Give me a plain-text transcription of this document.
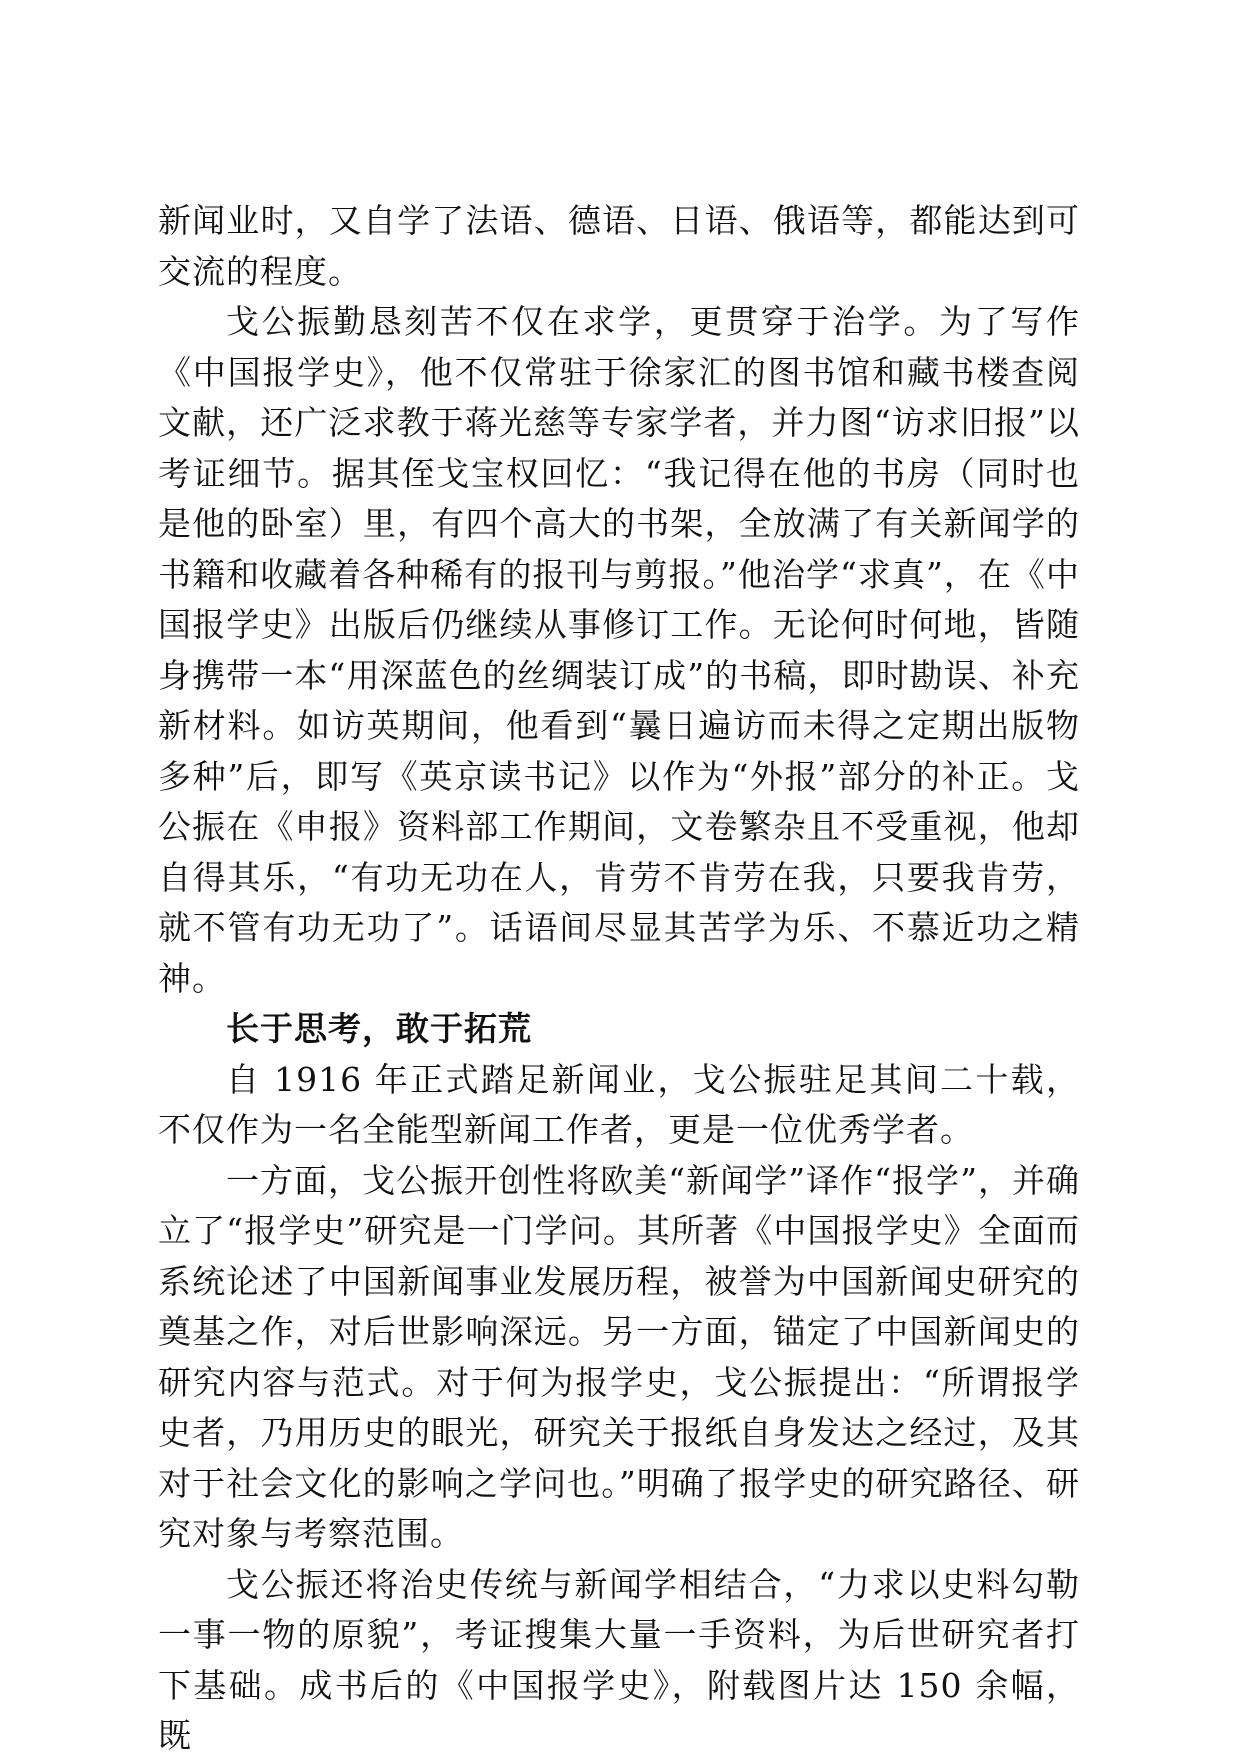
新闻业时，又自学了法语、德语、日语、俄语等，都能达到可交流的程度。

戈公振勤恳刻苦不仅在求学，更贯穿于治学。为了写作《中国报学史》，他不仅常驻于徐家汇的图书馆和藏书楼查阅文献，还广泛求教于蒋光慈等专家学者，并力图“访求旧报”以考证细节。据其侄戈宝权回忆：“我记得在他的书房（同时也是他的卧室）里，有四个高大的书架，全放满了有关新闻学的书籍和收藏着各种稀有的报刊与剪报。”他治学“求真”，在《中国报学史》出版后仍继续从事修订工作。无论何时何地，皆随身携带一本“用深蓝色的丝绸装订成”的书稿，即时勘误、补充新材料。如访英期间，他看到“曩日遍访而未得之定期出版物多种”后，即写《英京读书记》以作为“外报”部分的补正。戈公振在《申报》资料部工作期间，文卷繁杂且不受重视，他却自得其乐，“有功无功在人，肯劳不肯劳在我，只要我肯劳，就不管有功无功了”。话语间尽显其苦学为乐、不慕近功之精神。

长于思考，敢于拓荒

自 1916 年正式踏足新闻业，戈公振驻足其间二十载，不仅作为一名全能型新闻工作者，更是一位优秀学者。

一方面，戈公振开创性将欧美“新闻学”译作“报学”，并确立了“报学史”研究是一门学问。其所著《中国报学史》全面而系统论述了中国新闻事业发展历程，被誉为中国新闻史研究的奠基之作，对后世影响深远。另一方面，锚定了中国新闻史的研究内容与范式。对于何为报学史，戈公振提出：“所谓报学史者，乃用历史的眼光，研究关于报纸自身发达之经过，及其对于社会文化的影响之学问也。”明确了报学史的研究路径、研究对象与考察范围。

戈公振还将治史传统与新闻学相结合，“力求以史料勾勒一事一物的原貌”，考证搜集大量一手资料，为后世研究者打下基础。成书后的《中国报学史》，附载图片达 150 余幅，既
